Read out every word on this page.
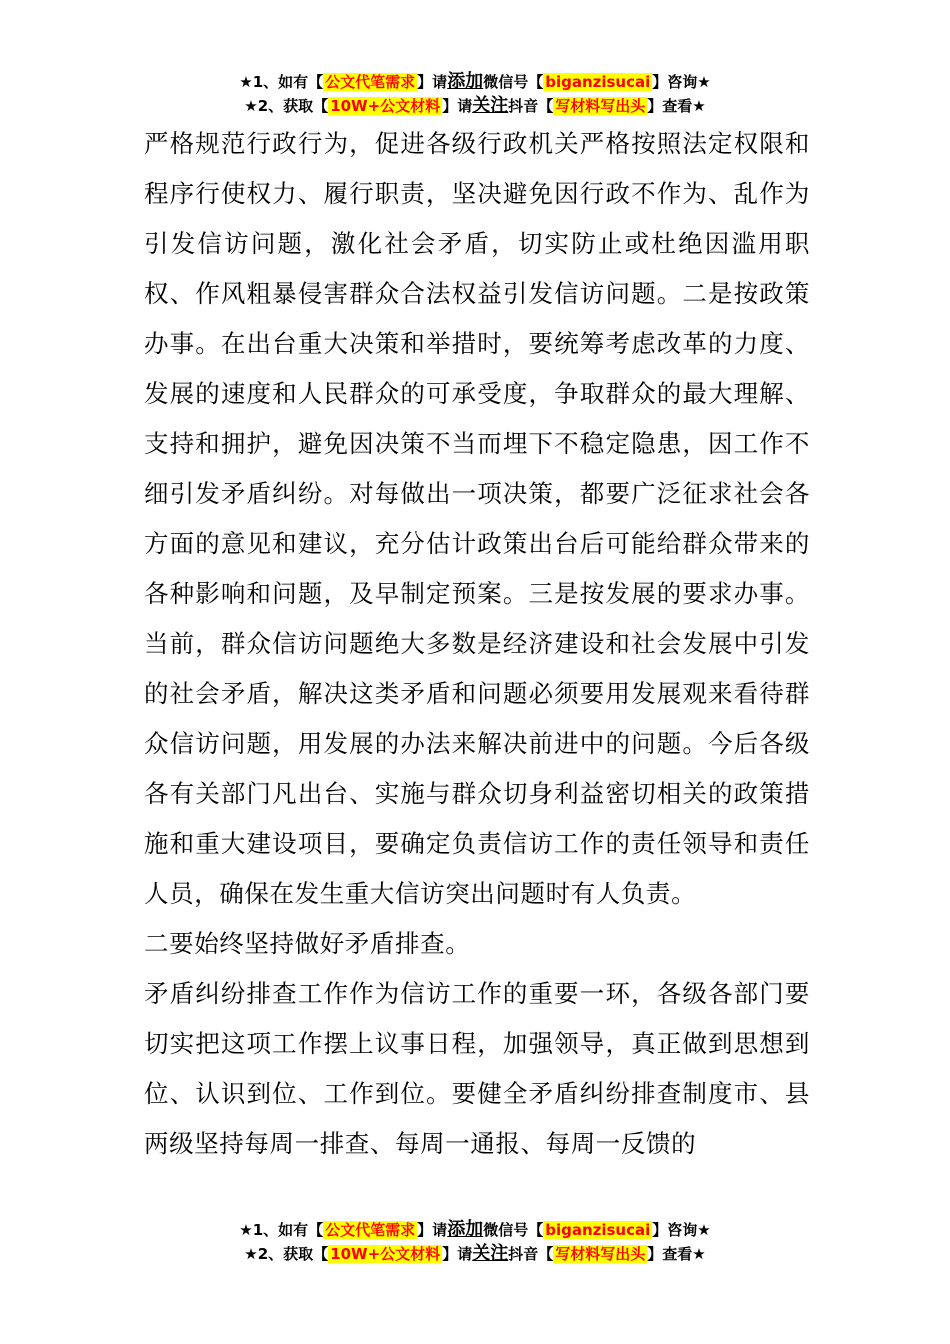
★1、如有【 公文代笔需求 】请添加微信号【 biganzisucai 】咨询★
★2、获取【 10W+公文材料 】请关注抖音【 写材料写出头 】查看★

严格规范行政行为，促进各级行政机关严格按照法定权限和程序行使权力、履行职责，坚决避免因行政不作为、乱作为引发信访问题，激化社会矛盾，切实防止或杜绝因滥用职权、作风粗暴侵害群众合法权益引发信访问题。二是按政策办事。在出台重大决策和举措时，要统筹考虑改革的力度、发展的速度和人民群众的可承受度，争取群众的最大理解、支持和拥护，避免因决策不当而埋下不稳定隐患，因工作不细引发矛盾纠纷。对每做出一项决策，都要广泛征求社会各方面的意见和建议，充分估计政策出台后可能给群众带来的各种影响和问题，及早制定预案。三是按发展的要求办事。当前，群众信访问题绝大多数是经济建设和社会发展中引发的社会矛盾，解决这类矛盾和问题必须要用发展观来看待群众信访问题，用发展的办法来解决前进中的问题。今后各级各有关部门凡出台、实施与群众切身利益密切相关的政策措施和重大建设项目，要确定负责信访工作的责任领导和责任人员，确保在发生重大信访突出问题时有人负责。

二要始终坚持做好矛盾排查。

矛盾纠纷排查工作作为信访工作的重要一环，各级各部门要切实把这项工作摆上议事日程，加强领导，真正做到思想到位、认识到位、工作到位。要健全矛盾纠纷排查制度市、县两级坚持每周一排查、每周一通报、每周一反馈的

★1、如有【 公文代笔需求 】请添加微信号【 biganzisucai 】咨询★
★2、获取【 10W+公文材料 】请关注抖音【 写材料写出头 】查看★
